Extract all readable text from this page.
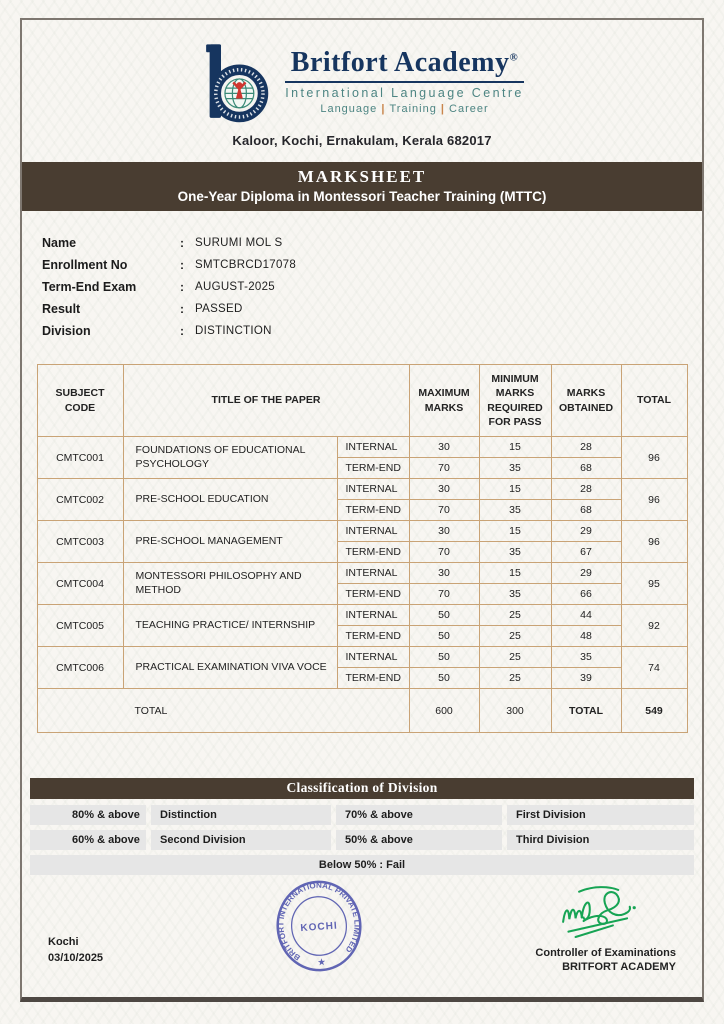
Britfort Academy®
International Language Centre
Language | Training | Career
Kaloor, Kochi, Ernakulam, Kerala 682017
MARKSHEET
One-Year Diploma in Montessori Teacher Training (MTTC)
Name	: SURUMI MOL S
Enrollment No	: SMTCBRCD17078
Term-End Exam	: AUGUST-2025
Result	: PASSED
Division	: DISTINCTION
SUBJECT CODE	TITLE OF THE PAPER		MAXIMUM MARKS	MINIMUM MARKS REQUIRED FOR PASS	MARKS OBTAINED	TOTAL
CMTC001	FOUNDATIONS OF EDUCATIONAL PSYCHOLOGY	INTERNAL	30	15	28	96
		TERM-END	70	35	68	
CMTC002	PRE-SCHOOL EDUCATION	INTERNAL	30	15	28	96
		TERM-END	70	35	68	
CMTC003	PRE-SCHOOL MANAGEMENT	INTERNAL	30	15	29	96
		TERM-END	70	35	67	
CMTC004	MONTESSORI PHILOSOPHY AND METHOD	INTERNAL	30	15	29	95
		TERM-END	70	35	66	
CMTC005	TEACHING PRACTICE/ INTERNSHIP	INTERNAL	50	25	44	92
		TERM-END	50	25	48	
CMTC006	PRACTICAL EXAMINATION VIVA VOCE	INTERNAL	50	25	35	74
		TERM-END	50	25	39	
TOTAL			600	300	TOTAL	549
Classification of Division
80% & above	Distinction	70% & above	First Division
60% & above	Second Division	50% & above	Third Division
Below 50% : Fail
Kochi
03/10/2025	BRITFORT INTERNATIONAL PRIVATE LIMITED
KOCHI
★
Controller of Examinations
BRITFORT ACADEMY
